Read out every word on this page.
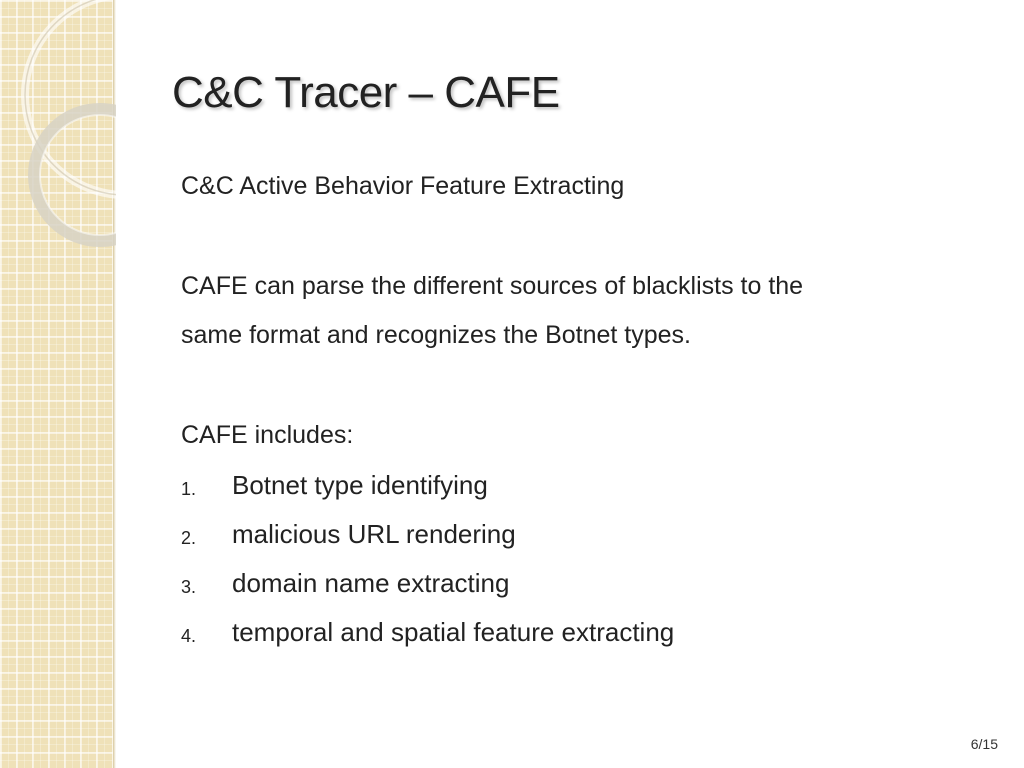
C&C Tracer – CAFE
C&C Active Behavior Feature Extracting
CAFE can parse the different sources of blacklists to the
same format and recognizes the Botnet types.
CAFE includes:
1. Botnet type identifying
2. malicious URL rendering
3. domain name extracting
4. temporal and spatial feature extracting
6/15
